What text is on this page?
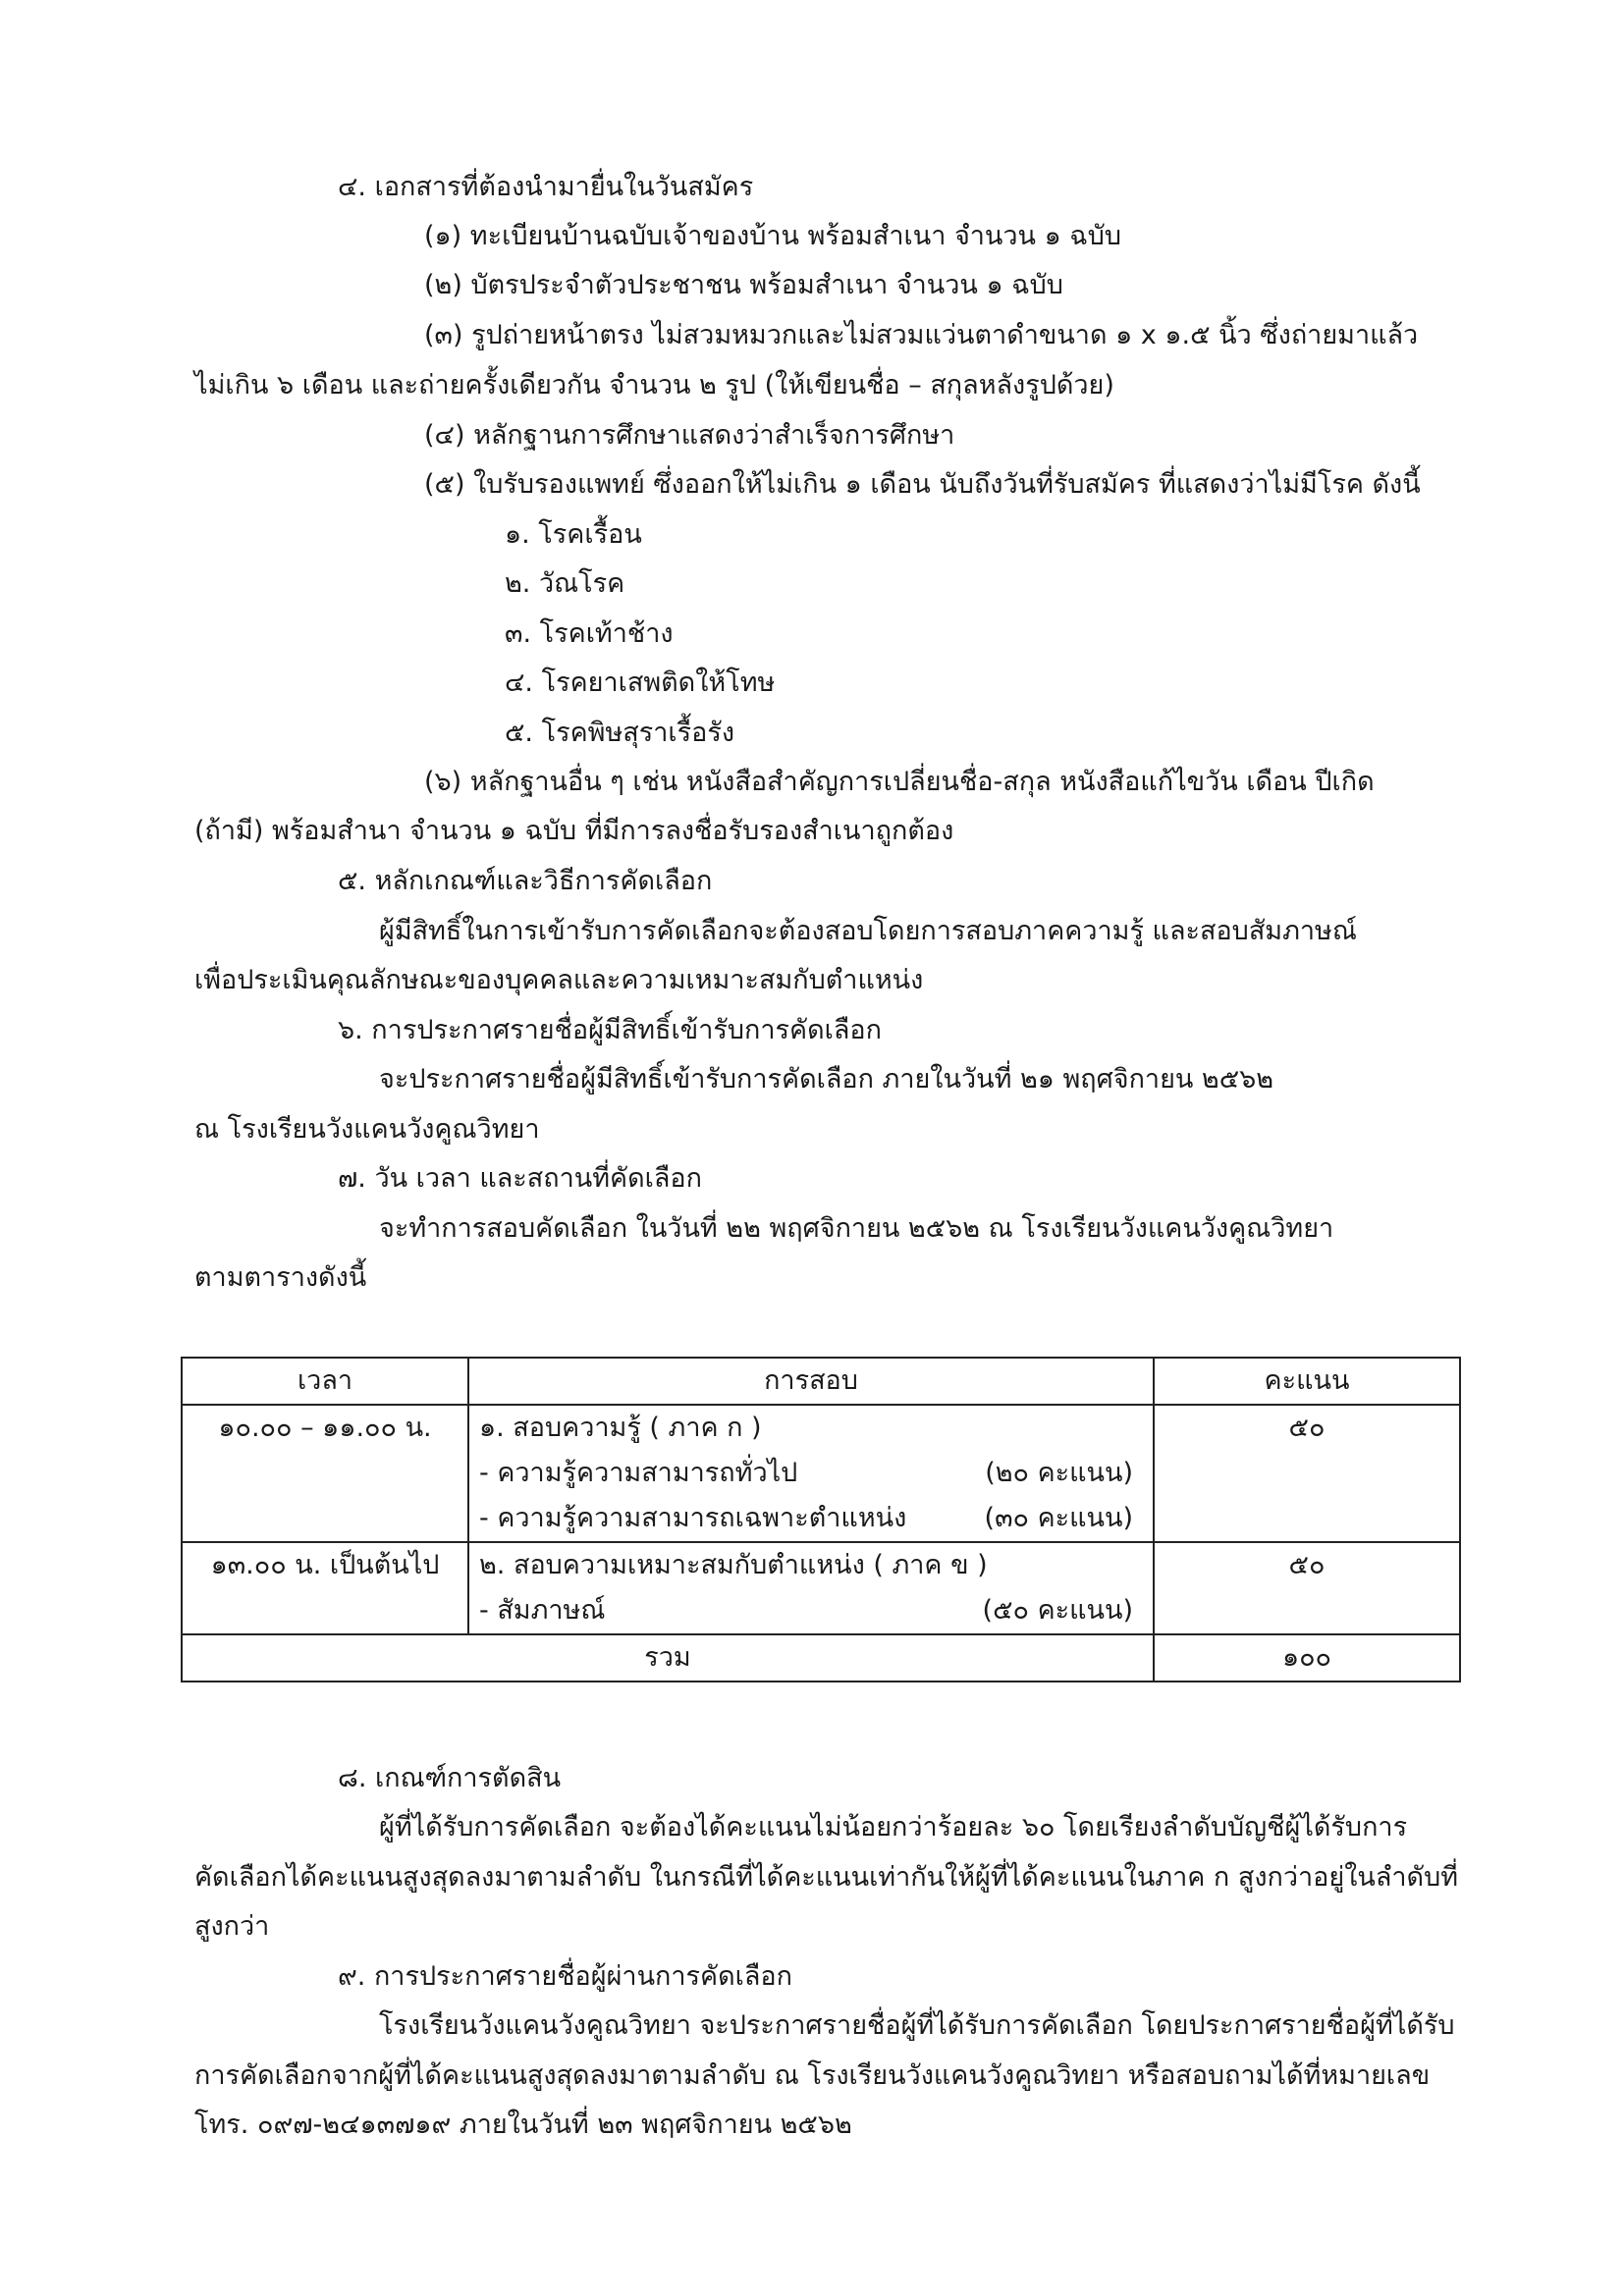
๔. เอกสารที่ต้องนำมายื่นในวันสมัคร
(๑) ทะเบียนบ้านฉบับเจ้าของบ้าน พร้อมสำเนา จำนวน ๑ ฉบับ
(๒) บัตรประจำตัวประชาชน พร้อมสำเนา จำนวน ๑ ฉบับ
(๓) รูปถ่ายหน้าตรง ไม่สวมหมวกและไม่สวมแว่นตาดำขนาด ๑ x ๑.๕ นิ้ว ซึ่งถ่ายมาแล้ว
ไม่เกิน ๖ เดือน และถ่ายครั้งเดียวกัน จำนวน ๒ รูป (ให้เขียนชื่อ – สกุลหลังรูปด้วย)
(๔) หลักฐานการศึกษาแสดงว่าสำเร็จการศึกษา
(๕) ใบรับรองแพทย์ ซึ่งออกให้ไม่เกิน ๑ เดือน นับถึงวันที่รับสมัคร ที่แสดงว่าไม่มีโรค ดังนี้
๑. โรคเรื้อน
๒. วัณโรค
๓. โรคเท้าช้าง
๔. โรคยาเสพติดให้โทษ
๕. โรคพิษสุราเรื้อรัง
(๖) หลักฐานอื่น ๆ เช่น หนังสือสำคัญการเปลี่ยนชื่อ-สกุล หนังสือแก้ไขวัน เดือน ปีเกิด
(ถ้ามี) พร้อมสำนา จำนวน ๑ ฉบับ ที่มีการลงชื่อรับรองสำเนาถูกต้อง
๕. หลักเกณฑ์และวิธีการคัดเลือก
ผู้มีสิทธิ์ในการเข้ารับการคัดเลือกจะต้องสอบโดยการสอบภาคความรู้ และสอบสัมภาษณ์
เพื่อประเมินคุณลักษณะของบุคคลและความเหมาะสมกับตำแหน่ง
๖. การประกาศรายชื่อผู้มีสิทธิ์เข้ารับการคัดเลือก
จะประกาศรายชื่อผู้มีสิทธิ์เข้ารับการคัดเลือก ภายในวันที่ ๒๑ พฤศจิกายน ๒๕๖๒
ณ โรงเรียนวังแคนวังคูณวิทยา
๗. วัน เวลา และสถานที่คัดเลือก
จะทำการสอบคัดเลือก ในวันที่ ๒๒ พฤศจิกายน ๒๕๖๒ ณ โรงเรียนวังแคนวังคูณวิทยา
ตามตารางดังนี้
เวลา	การสอบ	คะแนน
๑๐.๐๐ – ๑๑.๐๐ น.	๑. สอบความรู้ ( ภาค ก )
- ความรู้ความสามารถทั่วไป (๒๐ คะแนน)
- ความรู้ความสามารถเฉพาะตำแหน่ง (๓๐ คะแนน)	๕๐
๑๓.๐๐ น. เป็นต้นไป	๒. สอบความเหมาะสมกับตำแหน่ง ( ภาค ข )
- สัมภาษณ์ (๕๐ คะแนน)	๕๐
รวม		๑๐๐
๘. เกณฑ์การตัดสิน
ผู้ที่ได้รับการคัดเลือก จะต้องได้คะแนนไม่น้อยกว่าร้อยละ ๖๐ โดยเรียงลำดับบัญชีผู้ได้รับการ
คัดเลือกได้คะแนนสูงสุดลงมาตามลำดับ ในกรณีที่ได้คะแนนเท่ากันให้ผู้ที่ได้คะแนนในภาค ก สูงกว่าอยู่ในลำดับที่
สูงกว่า
๙. การประกาศรายชื่อผู้ผ่านการคัดเลือก
โรงเรียนวังแคนวังคูณวิทยา จะประกาศรายชื่อผู้ที่ได้รับการคัดเลือก โดยประกาศรายชื่อผู้ที่ได้รับ
การคัดเลือกจากผู้ที่ได้คะแนนสูงสุดลงมาตามลำดับ ณ โรงเรียนวังแคนวังคูณวิทยา หรือสอบถามได้ที่หมายเลข
โทร. ๐๙๗-๒๔๑๓๗๑๙ ภายในวันที่ ๒๓ พฤศจิกายน ๒๕๖๒
